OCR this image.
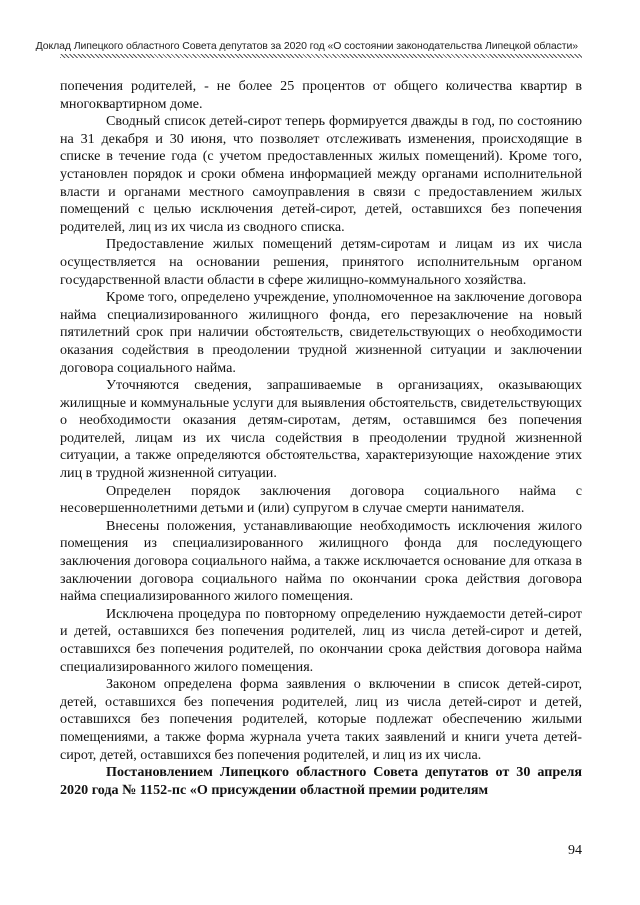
Доклад Липецкого областного Совета депутатов за 2020 год «О состоянии законодательства Липецкой области»

попечения родителей, - не более 25 процентов от общего количества квартир в многоквартирном доме.

Сводный список детей-сирот теперь формируется дважды в год, по состоянию на 31 декабря и 30 июня, что позволяет отслеживать изменения, происходящие в списке в течение года (с учетом предоставленных жилых помещений). Кроме того, установлен порядок и сроки обмена информацией между органами исполнительной власти и органами местного самоуправления в связи с предоставлением жилых помещений с целью исключения детей-сирот, детей, оставшихся без попечения родителей, лиц из их числа из сводного списка.

Предоставление жилых помещений детям-сиротам и лицам из их числа осуществляется на основании решения, принятого исполнительным органом государственной власти области в сфере жилищно-коммунального хозяйства.

Кроме того, определено учреждение, уполномоченное на заключение договора найма специализированного жилищного фонда, его перезаключение на новый пятилетний срок при наличии обстоятельств, свидетельствующих о необходимости оказания содействия в преодолении трудной жизненной ситуации и заключении договора социального найма.

Уточняются сведения, запрашиваемые в организациях, оказывающих жилищные и коммунальные услуги для выявления обстоятельств, свидетельствующих о необходимости оказания детям-сиротам, детям, оставшимся без попечения родителей, лицам из их числа содействия в преодолении трудной жизненной ситуации, а также определяются обстоятельства, характеризующие нахождение этих лиц в трудной жизненной ситуации.

Определен порядок заключения договора социального найма с несовершеннолетними детьми и (или) супругом в случае смерти нанимателя.

Внесены положения, устанавливающие необходимость исключения жилого помещения из специализированного жилищного фонда для последующего заключения договора социального найма, а также исключается основание для отказа в заключении договора социального найма по окончании срока действия договора найма специализированного жилого помещения.

Исключена процедура по повторному определению нуждаемости детей-сирот и детей, оставшихся без попечения родителей, лиц из числа детей-сирот и детей, оставшихся без попечения родителей, по окончании срока действия договора найма специализированного жилого помещения.

Законом определена форма заявления о включении в список детей-сирот, детей, оставшихся без попечения родителей, лиц из числа детей-сирот и детей, оставшихся без попечения родителей, которые подлежат обеспечению жилыми помещениями, а также форма журнала учета таких заявлений и книги учета детей-сирот, детей, оставшихся без попечения родителей, и лиц из их числа.

Постановлением Липецкого областного Совета депутатов от 30 апреля 2020 года № 1152-пс «О присуждении областной премии родителям

94
